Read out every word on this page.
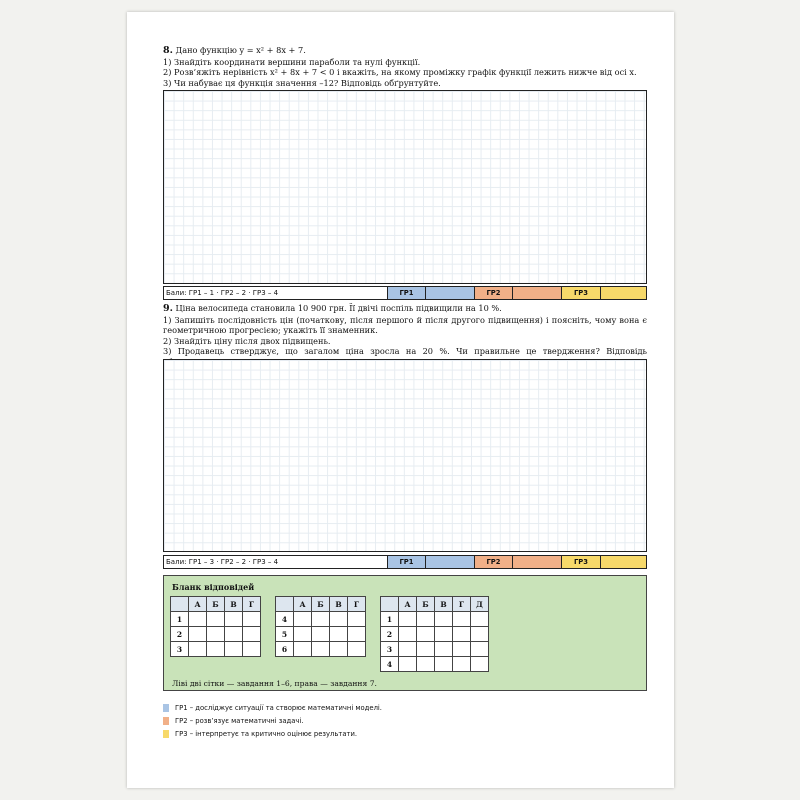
8. Дано функцію y = x² + 8x + 7.

1) Знайдіть координати вершини параболи та нулі функції.

2) Розв’яжіть нерівність x² + 8x + 7 < 0 і вкажіть, на якому проміжку графік функції лежить нижче від осі x.

3) Чи набуває ця функція значення –12? Відповідь обґрунтуйте.

Бали: ГР1 – 1 · ГР2 – 2 · ГР3 – 4	ГР1	ГР2	ГР3

9. Ціна велосипеда становила 10 900 грн. Її двічі поспіль підвищили на 10 %.

1) Запишіть послідовність цін (початкову, після першого й після другого підвищення) і поясніть, чому вона є геометричною прогресією; укажіть її знаменник.

2) Знайдіть ціну після двох підвищень.

3) Продавець стверджує, що загалом ціна зросла на 20 %. Чи правильне це твердження? Відповідь

Бали: ГР1 – 3 · ГР2 – 2 · ГР3 – 4	ГР1	ГР2	ГР3
Бланк відповідей
	А	Б	В	Г
1				
2				
3				
	А	Б	В	Г
4				
5				
6				
	А	Б	В	Г	Д
1					
2					
3					
4					
Ліві дві сітки — завдання 1–6, права — завдання 7.
ГР1 – досліджує ситуації та створює математичні моделі.
ГР2 – розв’язує математичні задачі.
ГР3 – інтерпретує та критично оцінює результати.
